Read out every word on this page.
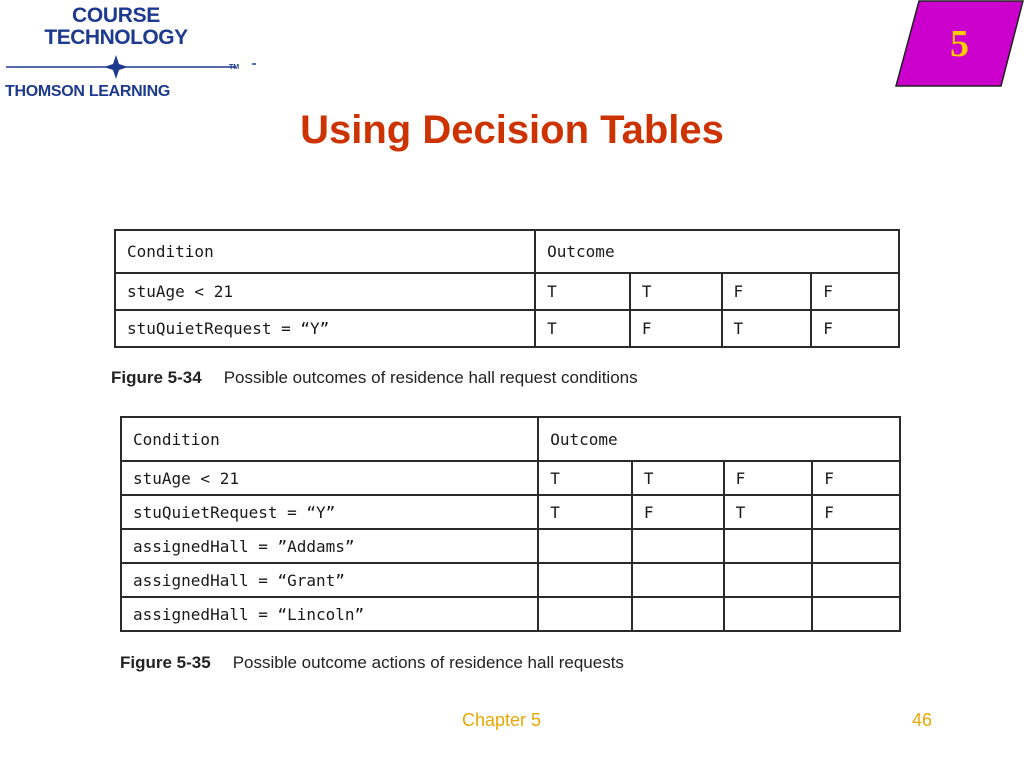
COURSE
TECHNOLOGY
TM
THOMSON LEARNING
5
Using Decision Tables
Condition	Outcome			
stuAge < 21	T	T	F	F
stuQuietRequest = “Y”	T	F	T	F
Figure 5-34 Possible outcomes of residence hall request conditions
Condition	Outcome			
stuAge < 21	T	T	F	F
stuQuietRequest = “Y”	T	F	T	F
assignedHall = ”Addams”				
assignedHall = “Grant”				
assignedHall = “Lincoln”				
Figure 5-35 Possible outcome actions of residence hall requests
Chapter 5	46
